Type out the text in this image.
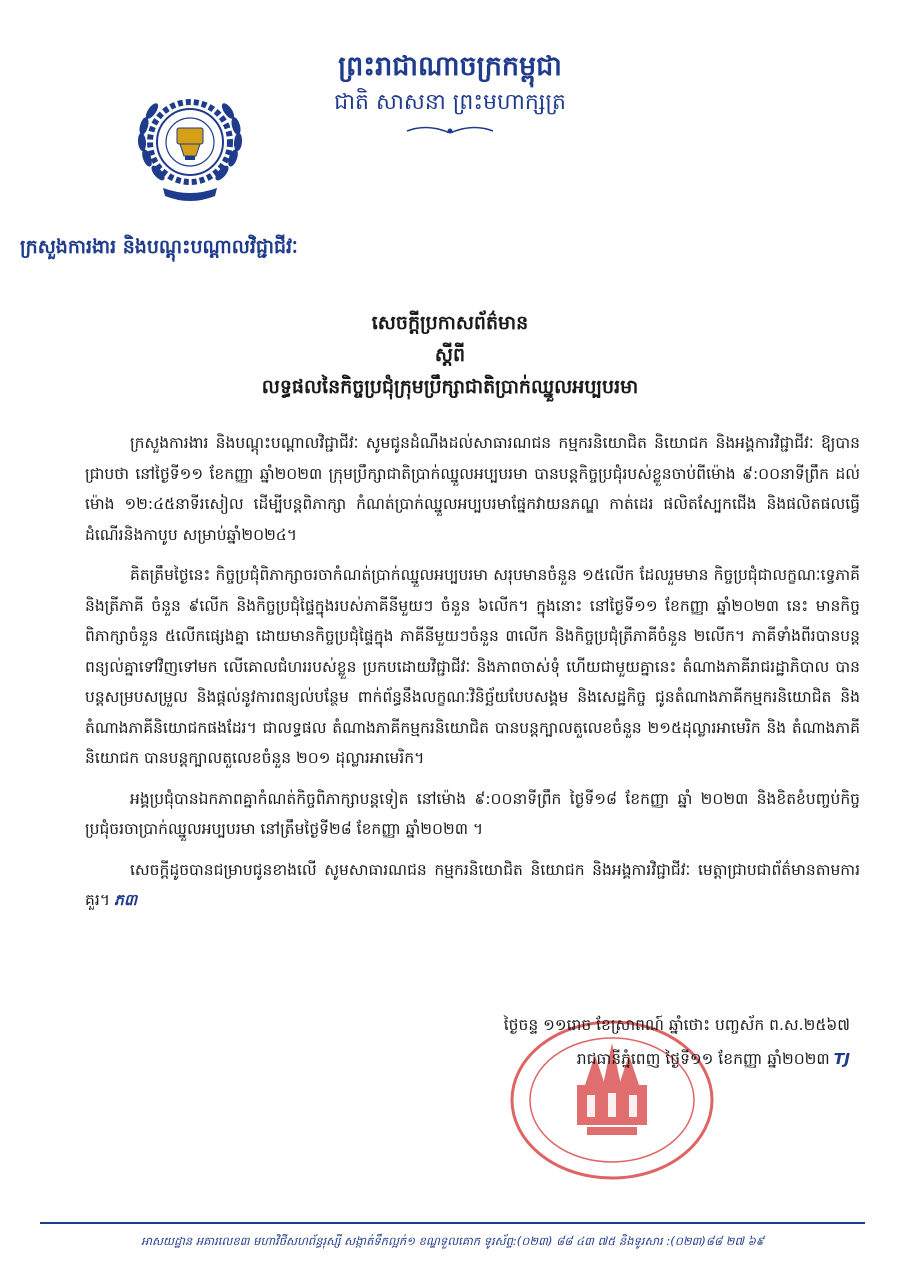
ព្រះរាជាណាចក្រកម្ពុជា
ជាតិ សាសនា ព្រះមហាក្សត្រ
ក្រសួងការងារ និងបណ្តុះបណ្តាលវិជ្ជាជីវៈ
សេចក្តីប្រកាសព័ត៌មាន
ស្តីពី
លទ្ធផលនៃកិច្ចប្រជុំក្រុមប្រឹក្សាជាតិប្រាក់ឈ្នួលអប្បបរមា

ក្រសួងការងារ និងបណ្តុះបណ្តាលវិជ្ជាជីវៈ សូមជូនដំណឹងដល់សាធារណជន កម្មករនិយោជិត និយោជក និងអង្គការវិជ្ជាជីវៈ ឱ្យបានជ្រាបថា នៅថ្ងៃទី១១ ខែកញ្ញា ឆ្នាំ២០២៣ ក្រុមប្រឹក្សាជាតិប្រាក់ឈ្នួលអប្បបរមា បានបន្តកិច្ចប្រជុំរបស់ខ្លួនចាប់ពីម៉ោង ៩:០០នាទីព្រឹក ដល់ម៉ោង ១២:៤៥នាទីរសៀល ដើម្បីបន្តពិភាក្សា កំណត់ប្រាក់ឈ្នួលអប្បបរមាផ្នែកវាយនភណ្ឌ កាត់ដេរ ផលិតស្បែកជើង និងផលិតផលធ្វើដំណើរនិងកាបូប សម្រាប់ឆ្នាំ២០២៤។

គិតត្រឹមថ្ងៃនេះ កិច្ចប្រជុំពិភាក្សាចរចាកំណត់ប្រាក់ឈ្នួលអប្បបរមា សរុបមានចំនួន ១៥លើក ដែលរួមមាន កិច្ចប្រជុំជាលក្ខណៈទ្វេភាគី និងត្រីភាគី ចំនួន ៩លើក និងកិច្ចប្រជុំផ្ទៃក្នុងរបស់ភាគីនីមួយៗ ចំនួន ៦លើក។ ក្នុងនោះ នៅថ្ងៃទី១១ ខែកញ្ញា ឆ្នាំ២០២៣ នេះ មានកិច្ចពិភាក្សាចំនួន ៥លើកផ្សេងគ្នា ដោយមានកិច្ចប្រជុំផ្ទៃក្នុង ភាគីនីមួយៗចំនួន ៣លើក និងកិច្ចប្រជុំត្រីភាគីចំនួន ២លើក។ ភាគីទាំងពីរបានបន្តពន្យល់គ្នាទៅវិញទៅមក លើគោលជំហររបស់ខ្លួន ប្រកបដោយវិជ្ជាជីវៈ និងភាពចាស់ទុំ ហើយជាមួយគ្នានេះ តំណាងភាគីរាជរដ្ឋាភិបាល បានបន្តសម្របសម្រួល និងផ្តល់នូវការពន្យល់បន្ថែម ពាក់ព័ន្ធនឹងលក្ខណៈវិនិច្ឆ័យបែបសង្គម និងសេដ្ឋកិច្ច ជូនតំណាងភាគីកម្មករនិយោជិត និងតំណាងភាគីនិយោជកផងដែរ។ ជាលទ្ធផល តំណាងភាគីកម្មករនិយោជិត បានបន្តក្បាលតួលេខចំនួន ២១៥ដុល្លារអាមេរិក និង តំណាងភាគីនិយោជក បានបន្តក្បាលតួលេខចំនួន ២០១ ដុល្លារអាមេរិក។

អង្គប្រជុំបានឯកភាពគ្នាកំណត់កិច្ចពិភាក្សាបន្តទៀត នៅម៉ោង ៩:០០នាទីព្រឹក ថ្ងៃទី១៨ ខែកញ្ញា ឆ្នាំ ២០២៣ និងខិតខំបញ្ចប់កិច្ចប្រជុំចរចាប្រាក់ឈ្នួលអប្បបរមា នៅត្រឹមថ្ងៃទី២៨ ខែកញ្ញា ឆ្នាំ២០២៣ ។

សេចក្តីដូចបានជម្រាបជូនខាងលើ សូមសាធារណជន កម្មករនិយោជិត និយោជក និងអង្គការវិជ្ជាជីវៈ មេត្តាជ្រាបជាព័ត៌មានតាមការគួរ។ ភ៣

ថ្ងៃចន្ទ ១១រោច ខែស្រាពណ៍ ឆ្នាំថោះ បញ្ចស័ក ព.ស.២៥៦៧
រាជធានីភ្នំពេញ ថ្ងៃទី១១ ខែកញ្ញា ឆ្នាំ២០២៣ TJ
អាសយដ្ឋាន អគារលេខ៣ មហាវិថីសហព័ន្ធរុស្សី សង្កាត់ទឹកល្អក់១ ខណ្ឌទួលគោក ទូរស័ព្ទ:(០២៣) ៨៨ ៤៣ ៧៥ និងទូរសារ :(០២៣)៨៨ ២៧ ៦៩
